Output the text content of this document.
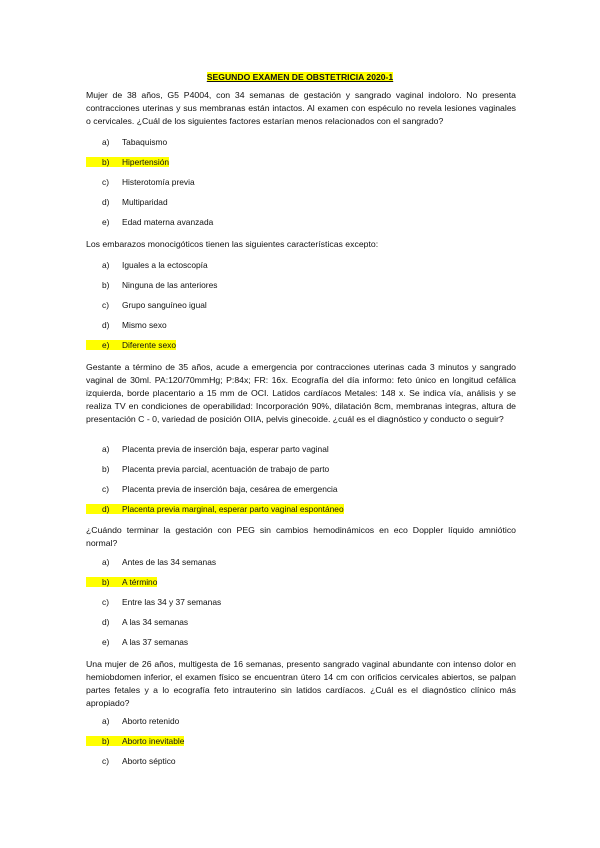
SEGUNDO EXAMEN DE OBSTETRICIA 2020-1

Mujer de 38 años, G5 P4004, con 34 semanas de gestación y sangrado vaginal indoloro. No presenta contracciones uterinas y sus membranas están intactos. Al examen con espéculo no revela lesiones vaginales o cervicales. ¿Cuál de los siguientes factores estarían menos relacionados con el sangrado?

a) Tabaquismo
b) Hipertensión
c) Histerotomía previa
d) Multiparidad
e) Edad materna avanzada

Los embarazos monocigóticos tienen las siguientes características excepto:

a) Iguales a la ectoscopía
b) Ninguna de las anteriores
c) Grupo sanguíneo igual
d) Mismo sexo
e) Diferente sexo

Gestante a término de 35 años, acude a emergencia por contracciones uterinas cada 3 minutos y sangrado vaginal de 30ml. PA:120/70mmHg; P:84x; FR: 16x. Ecografía del día informo: feto único en longitud cefálica izquierda, borde placentario a 15 mm de OCI. Latidos cardíacos Metales: 148 x. Se indica vía, análisis y se realiza TV en condiciones de operabilidad: Incorporación 90%, dilatación 8cm, membranas integras, altura de presentación C - 0, variedad de posición OIIA, pelvis ginecoide. ¿cuál es el diagnóstico y conducto o seguir?

a) Placenta previa de inserción baja, esperar parto vaginal
b) Placenta previa parcial, acentuación de trabajo de parto
c) Placenta previa de inserción baja, cesárea de emergencia
d) Placenta previa marginal, esperar parto vaginal espontáneo

¿Cuándo terminar la gestación con PEG sin cambios hemodinámicos en eco Doppler líquido amniótico normal?

a) Antes de las 34 semanas
b) A término
c) Entre las 34 y 37 semanas
d) A las 34 semanas
e) A las 37 semanas

Una mujer de 26 años, multigesta de 16 semanas, presento sangrado vaginal abundante con intenso dolor en hemiobdomen inferior, el examen físico se encuentran útero 14 cm con orificios cervicales abiertos, se palpan partes fetales y a lo ecografía feto intrauterino sin latidos cardíacos. ¿Cuál es el diagnóstico clínico más apropiado?

a) Aborto retenido
b) Aborto inevitable
c) Aborto séptico
